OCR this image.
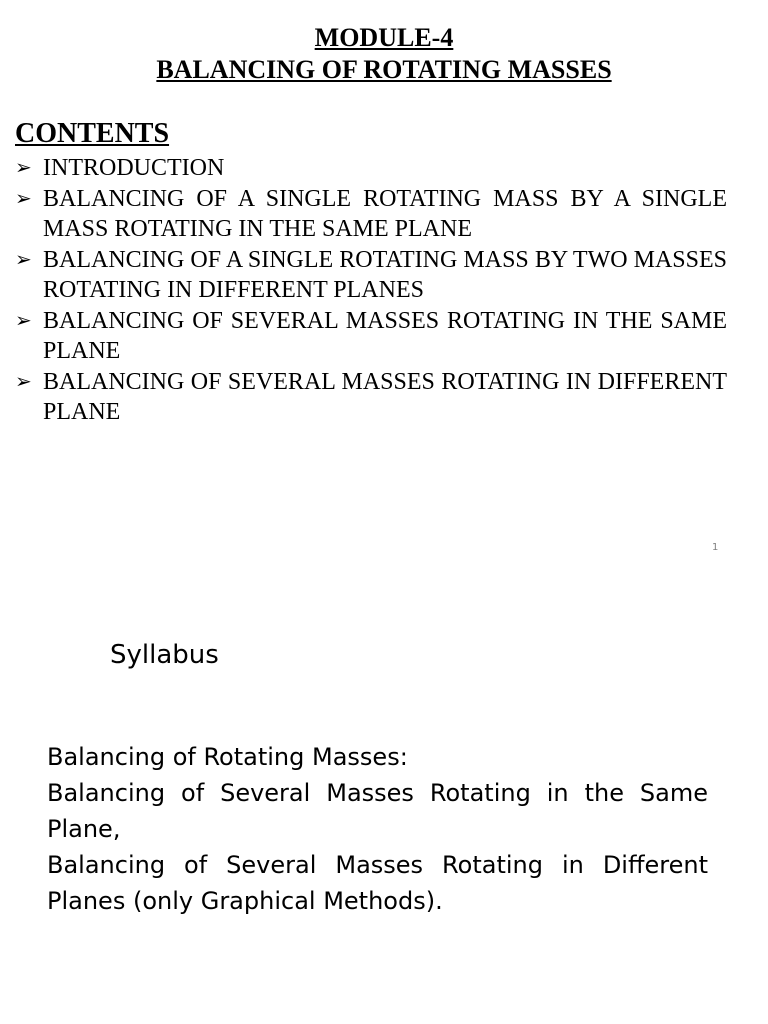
MODULE-4
BALANCING OF ROTATING MASSES
CONTENTS
➢ INTRODUCTION
➢ BALANCING OF A SINGLE ROTATING MASS BY A SINGLE MASS ROTATING IN THE SAME PLANE
➢ BALANCING OF A SINGLE ROTATING MASS BY TWO MASSES ROTATING IN DIFFERENT PLANES
➢ BALANCING OF SEVERAL MASSES ROTATING IN THE SAME PLANE
➢ BALANCING OF SEVERAL MASSES ROTATING IN DIFFERENT PLANE
1
Syllabus

Balancing of Rotating Masses:

Balancing of Several Masses Rotating in the Same Plane,

Balancing of Several Masses Rotating in Different Planes (only Graphical Methods).
